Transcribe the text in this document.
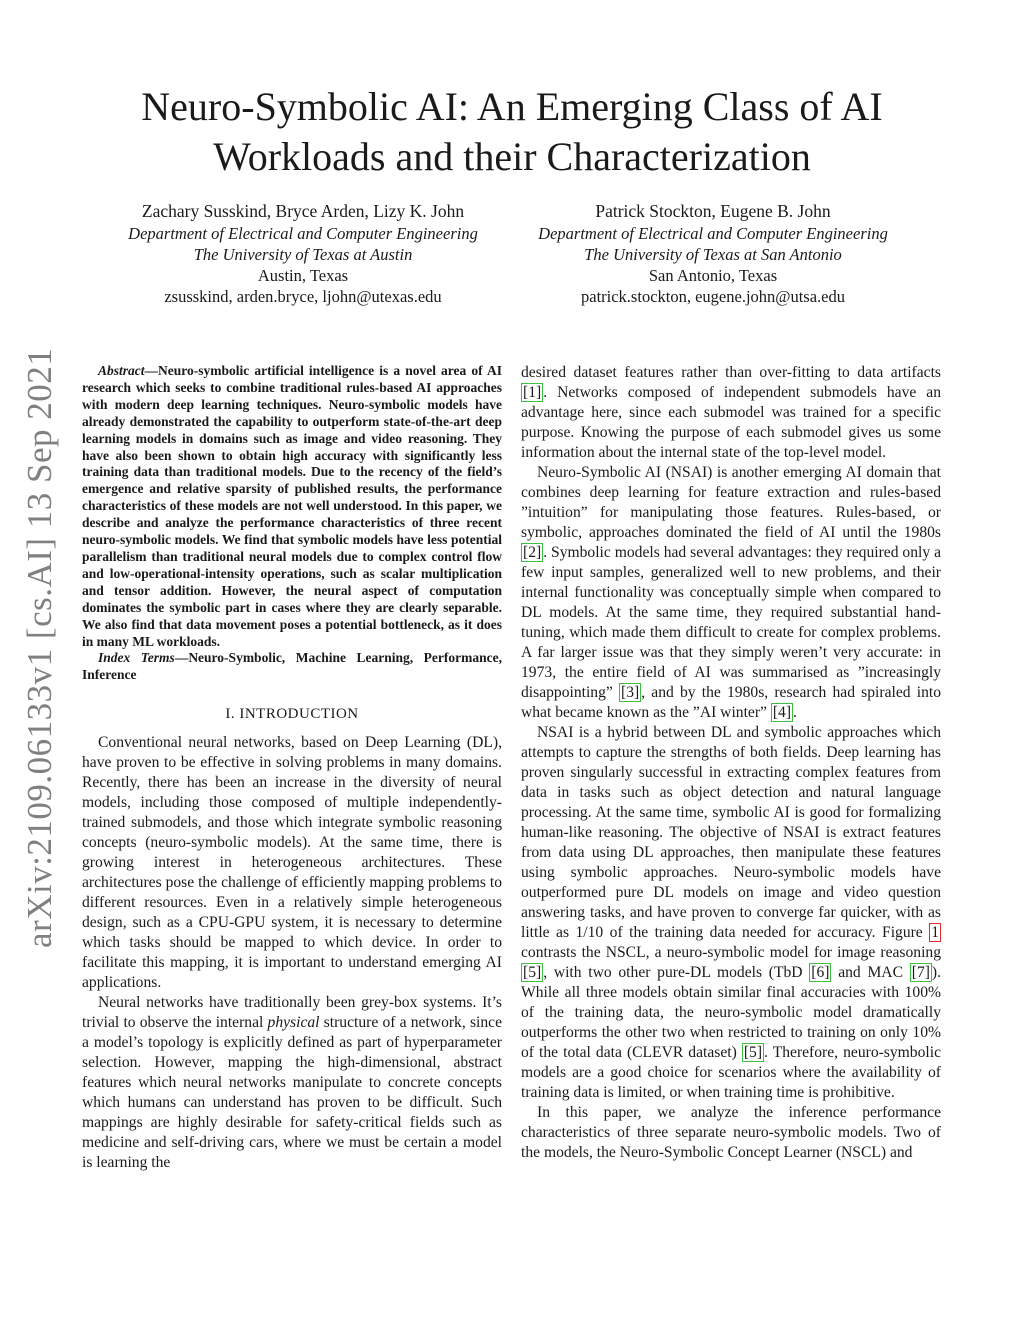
Neuro-Symbolic AI: An Emerging Class of AI
Workloads and their Characterization
Zachary Susskind, Bryce Arden, Lizy K. John
Department of Electrical and Computer Engineering
The University of Texas at Austin
Austin, Texas
zsusskind, arden.bryce, ljohn@utexas.edu
Patrick Stockton, Eugene B. John
Department of Electrical and Computer Engineering
The University of Texas at San Antonio
San Antonio, Texas
patrick.stockton, eugene.john@utsa.edu
arXiv:2109.06133v1 [cs.AI] 13 Sep 2021	Abstract—Neuro-symbolic artificial intelligence is a novel area of AI research which seeks to combine traditional rules-based AI approaches with modern deep learning techniques. Neuro-symbolic models have already demonstrated the capability to outperform state-of-the-art deep learning models in domains such as image and video reasoning. They have also been shown to obtain high accuracy with significantly less training data than traditional models. Due to the recency of the field’s emergence and relative sparsity of published results, the performance characteristics of these models are not well understood. In this paper, we describe and analyze the performance characteristics of three recent neuro-symbolic models. We find that symbolic models have less potential parallelism than traditional neural models due to complex control flow and low-operational-intensity operations, such as scalar multiplication and tensor addition. However, the neural aspect of computation dominates the symbolic part in cases where they are clearly separable. We also find that data movement poses a potential bottleneck, as it does in many ML workloads.

Index Terms—Neuro-Symbolic, Machine Learning, Performance, Inference

I. INTRODUCTION

Conventional neural networks, based on Deep Learning (DL), have proven to be effective in solving problems in many domains. Recently, there has been an increase in the diversity of neural models, including those composed of multiple independently-trained submodels, and those which integrate symbolic reasoning concepts (neuro-symbolic models). At the same time, there is growing interest in heterogeneous architectures. These architectures pose the challenge of efficiently mapping problems to different resources. Even in a relatively simple heterogeneous design, such as a CPU-GPU system, it is necessary to determine which tasks should be mapped to which device. In order to facilitate this mapping, it is important to understand emerging AI applications.

Neural networks have traditionally been grey-box systems. It’s trivial to observe the internal physical structure of a network, since a model’s topology is explicitly defined as part of hyperparameter selection. However, mapping the high-dimensional, abstract features which neural networks manipulate to concrete concepts which humans can understand has proven to be difficult. Such mappings are highly desirable for safety-critical fields such as medicine and self-driving cars, where we must be certain a model is learning the

desired dataset features rather than over-fitting to data artifacts [1] . Networks composed of independent submodels have an advantage here, since each submodel was trained for a specific purpose. Knowing the purpose of each submodel gives us some information about the internal state of the top-level model.

Neuro-Symbolic AI (NSAI) is another emerging AI domain that combines deep learning for feature extraction and rules-based ”intuition” for manipulating those features. Rules-based, or symbolic, approaches dominated the field of AI until the 1980s [2] . Symbolic models had several advantages: they required only a few input samples, generalized well to new problems, and their internal functionality was conceptually simple when compared to DL models. At the same time, they required substantial hand-tuning, which made them difficult to create for complex problems. A far larger issue was that they simply weren’t very accurate: in 1973, the entire field of AI was summarised as ”increasingly disappointing” [3] , and by the 1980s, research had spiraled into what became known as the ”AI winter” [4] .

NSAI is a hybrid between DL and symbolic approaches which attempts to capture the strengths of both fields. Deep learning has proven singularly successful in extracting complex features from data in tasks such as object detection and natural language processing. At the same time, symbolic AI is good for formalizing human-like reasoning. The objective of NSAI is extract features from data using DL approaches, then manipulate these features using symbolic approaches. Neuro-symbolic models have outperformed pure DL models on image and video question answering tasks, and have proven to converge far quicker, with as little as 1/10 of the training data needed for accuracy. Figure 1 contrasts the NSCL, a neuro-symbolic model for image reasoning [5] , with two other pure-DL models (TbD [6] and MAC [7] ). While all three models obtain similar final accuracies with 100% of the training data, the neuro-symbolic model dramatically outperforms the other two when restricted to training on only 10% of the total data (CLEVR dataset) [5] . Therefore, neuro-symbolic models are a good choice for scenarios where the availability of training data is limited, or when training time is prohibitive.

In this paper, we analyze the inference performance characteristics of three separate neuro-symbolic models. Two of the models, the Neuro-Symbolic Concept Learner (NSCL) and
